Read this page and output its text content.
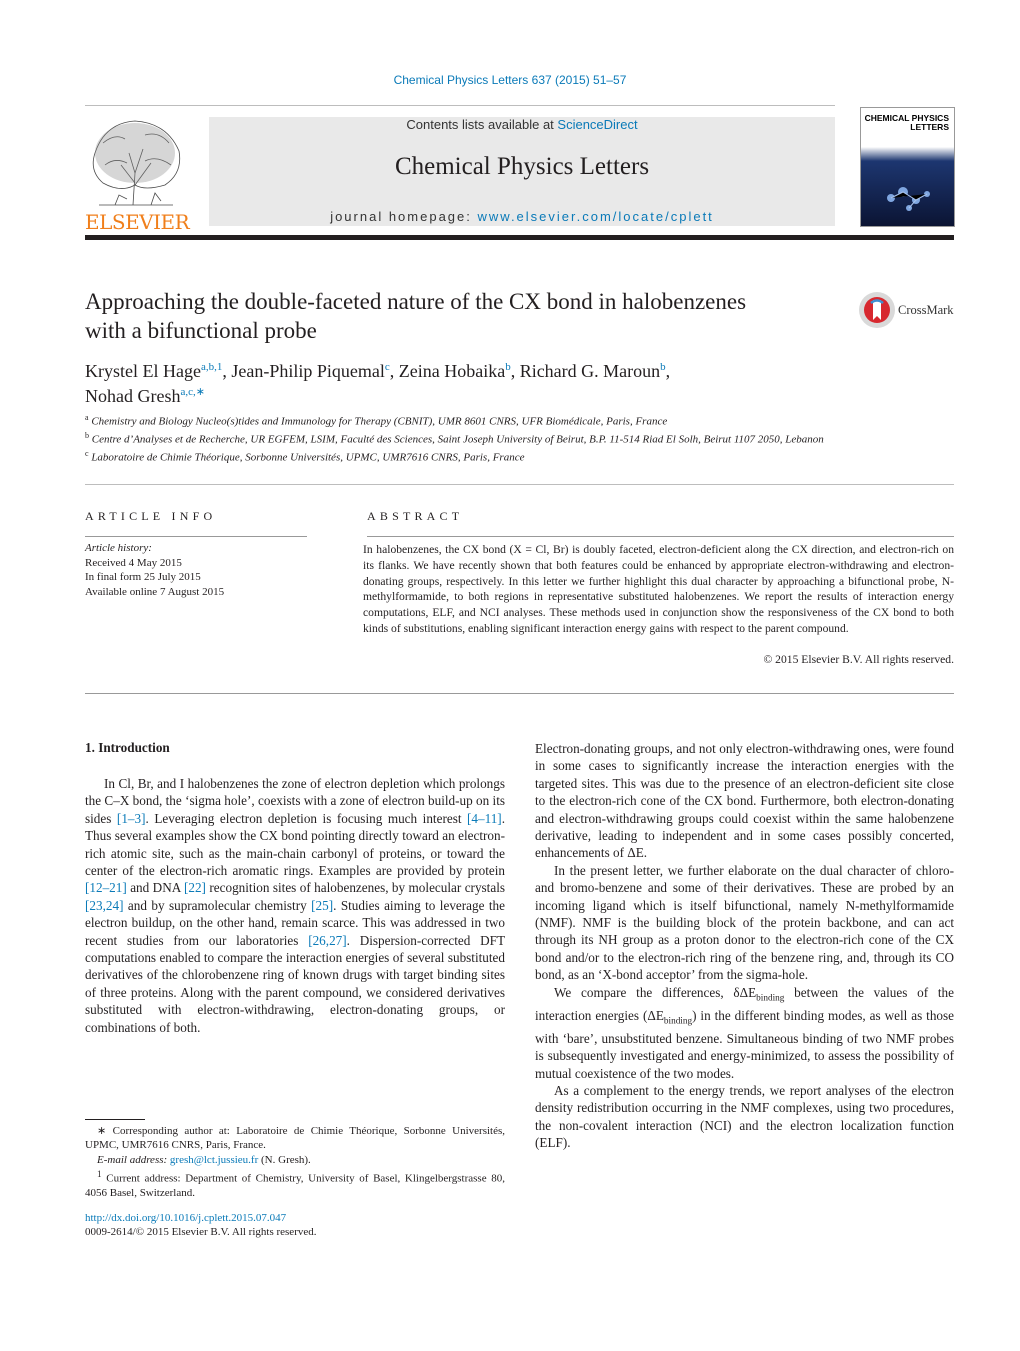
Chemical Physics Letters 637 (2015) 51–57
ELSEVIER
Contents lists available at ScienceDirect
Chemical Physics Letters
journal homepage: www.elsevier.com/locate/cplett
CHEMICAL PHYSICS LETTERS
Approaching the double-faceted nature of the CX bond in halobenzenes with a bifunctional probe
CrossMark
Krystel El Hage$^{a,b,1}$, Jean-Philip Piquemal$^c$, Zeina Hobaika$^b$, Richard G. Maroun$^b$,
Nohad Gresh$^{a,c,∗}$
$^a$ Chemistry and Biology Nucleo(s)tides and Immunology for Therapy (CBNIT), UMR 8601 CNRS, UFR Biomédicale, Paris, France
$^b$ Centre d’Analyses et de Recherche, UR EGFEM, LSIM, Faculté des Sciences, Saint Joseph University of Beirut, B.P. 11-514 Riad El Solh, Beirut 1107 2050, Lebanon
$^c$ Laboratoire de Chimie Théorique, Sorbonne Universités, UPMC, UMR7616 CNRS, Paris, France
ARTICLE INFO	ABSTRACT
Article history:
Received 4 May 2015
In final form 25 July 2015
Available online 7 August 2015
In halobenzenes, the CX bond (X = Cl, Br) is doubly faceted, electron-deficient along the CX direction, and electron-rich on its flanks. We have recently shown that both features could be enhanced by appropriate electron-withdrawing and electron-donating groups, respectively. In this letter we further highlight this dual character by approaching a bifunctional probe, N-methylformamide, to both regions in representative substituted halobenzenes. We report the results of interaction energy computations, ELF, and NCI analyses. These methods used in conjunction show the responsiveness of the CX bond to both kinds of substitutions, enabling significant interaction energy gains with respect to the parent compound.
© 2015 Elsevier B.V. All rights reserved.
1. Introduction

In Cl, Br, and I halobenzenes the zone of electron depletion which prolongs the C–X bond, the ‘sigma hole’, coexists with a zone of electron build-up on its sides [1–3]. Leveraging electron depletion is focusing much interest [4–11]. Thus several examples show the CX bond pointing directly toward an electron-rich atomic site, such as the main-chain carbonyl of proteins, or toward the center of the electron-rich aromatic rings. Examples are provided by protein [12–21] and DNA [22] recognition sites of halobenzenes, by molecular crystals [23,24] and by supramolecular chemistry [25]. Studies aiming to leverage the electron buildup, on the other hand, remain scarce. This was addressed in two recent studies from our laboratories [26,27]. Dispersion-corrected DFT computations enabled to compare the interaction energies of several substituted derivatives of the chlorobenzene ring of known drugs with target binding sites of three proteins. Along with the parent compound, we considered derivatives substituted with electron-withdrawing, electron-donating groups, or combinations of both.

Electron-donating groups, and not only electron-withdrawing ones, were found in some cases to significantly increase the interaction energies with the targeted sites. This was due to the presence of an electron-deficient site close to the electron-rich cone of the CX bond. Furthermore, both electron-donating and electron-withdrawing groups could coexist within the same halobenzene derivative, leading to independent and in some cases possibly concerted, enhancements of ΔE.

In the present letter, we further elaborate on the dual character of chloro- and bromo-benzene and some of their derivatives. These are probed by an incoming ligand which is itself bifunctional, namely N-methylformamide (NMF). NMF is the building block of the protein backbone, and can act through its NH group as a proton donor to the electron-rich cone of the CX bond and/or to the electron-rich ring of the benzene ring, and, through its CO bond, as an ‘X-bond acceptor’ from the sigma-hole.

We compare the differences, δΔE$_{binding}$ between the values of the interaction energies $(\Delta E_{binding})$ in the different binding modes, as well as those with ‘bare’, unsubstituted benzene. Simultaneous binding of two NMF probes is subsequently investigated and energy-minimized, to assess the possibility of mutual coexistence of the two modes.

As a complement to the energy trends, we report analyses of the electron density redistribution occurring in the NMF complexes, using two procedures, the non-covalent interaction (NCI) and the electron localization function (ELF).

∗ Corresponding author at: Laboratoire de Chimie Théorique, Sorbonne Universités, UPMC, UMR7616 CNRS, Paris, France.

E-mail address: gresh@lct.jussieu.fr (N. Gresh).

$^1$ Current address: Department of Chemistry, University of Basel, Klingelbergstrasse 80, 4056 Basel, Switzerland.

http://dx.doi.org/10.1016/j.cplett.2015.07.047
0009-2614/© 2015 Elsevier B.V. All rights reserved.
